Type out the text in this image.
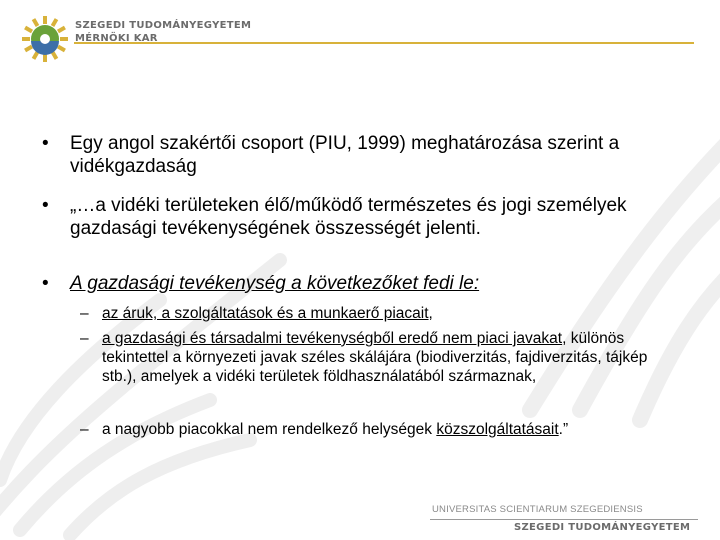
SZEGEDI TUDOMÁNYEGYETEM
MÉRNÖKI KAR
• Egy angol szakértői csoport (PIU, 1999) meghatározása szerint a vidékgazdaság
• „…a vidéki területeken élő/működő természetes és jogi személyek gazdasági tevékenységének összességét jelenti.
• A gazdasági tevékenység a következőket fedi le:
– az áruk, a szolgáltatások és a munkaerő piacait,
– a gazdasági és társadalmi tevékenységből eredő nem piaci javakat, különös tekintettel a környezeti javak széles skálájára (biodiverzitás, fajdiverzitás, tájkép stb.), amelyek a vidéki területek földhasználatából származnak,
– a nagyobb piacokkal nem rendelkező helységek közszolgáltatásait.”
UNIVERSITAS SCIENTIARUM SZEGEDIENSIS
SZEGEDI TUDOMÁNYEGYETEM
